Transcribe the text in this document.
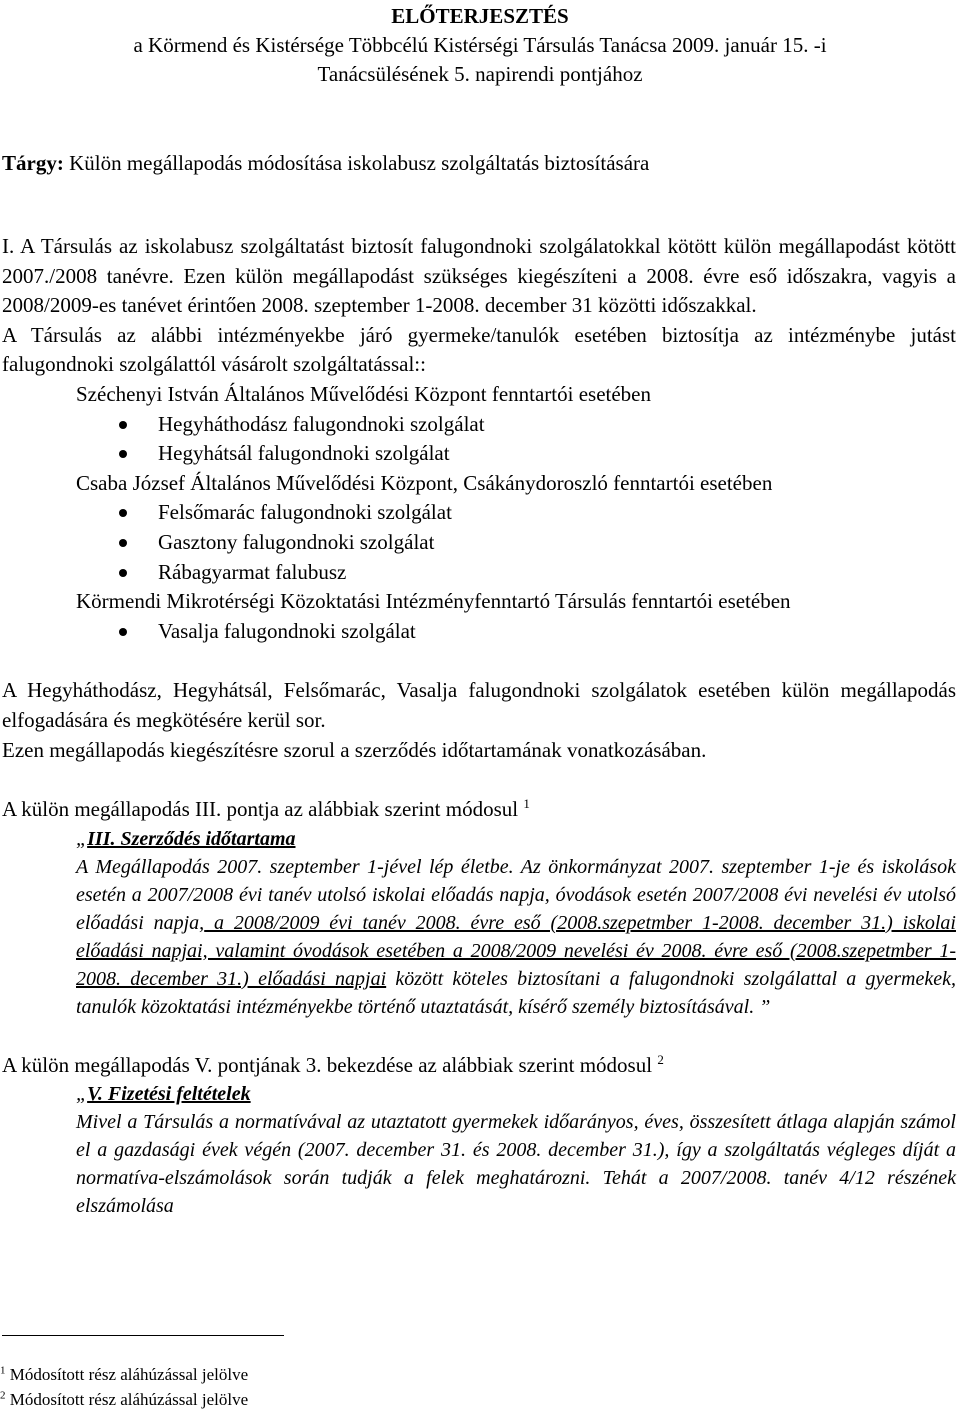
ELŐTERJESZTÉS
a Körmend és Kistérsége Többcélú Kistérségi Társulás Tanácsa 2009. január 15. -i
Tanácsülésének 5. napirendi pontjához
Tárgy: Külön megállapodás módosítása iskolabusz szolgáltatás biztosítására
I. A Társulás az iskolabusz szolgáltatást biztosít falugondnoki szolgálatokkal kötött külön megállapodást kötött 2007./2008 tanévre. Ezen külön megállapodást szükséges kiegészíteni a 2008. évre eső időszakra, vagyis a 2008/2009-es tanévet érintően 2008. szeptember 1-2008. december 31 közötti időszakkal.
A Társulás az alábbi intézményekbe járó gyermeke/tanulók esetében biztosítja az intézménybe jutást falugondnoki szolgálattól vásárolt szolgáltatással::
Széchenyi István Általános Művelődési Központ fenntartói esetében
Hegyháthodász falugondnoki szolgálat
Hegyhátsál falugondnoki szolgálat
Csaba József Általános Művelődési Központ, Csákánydoroszló fenntartói esetében
Felsőmarác falugondnoki szolgálat
Gasztony falugondnoki szolgálat
Rábagyarmat falubusz
Körmendi Mikrotérségi Közoktatási Intézményfenntartó Társulás fenntartói esetében
Vasalja falugondnoki szolgálat
A Hegyháthodász, Hegyhátsál, Felsőmarác, Vasalja falugondnoki szolgálatok esetében külön megállapodás elfogadására és megkötésére kerül sor.
Ezen megállapodás kiegészítésre szorul a szerződés időtartamának vonatkozásában.
A külön megállapodás III. pontja az alábbiak szerint módosul $^1$
„III. Szerződés időtartama
A Megállapodás 2007. szeptember 1-jével lép életbe. Az önkormányzat 2007. szeptember 1-je és iskolások esetén a 2007/2008 évi tanév utolsó iskolai előadás napja, óvodások esetén 2007/2008 évi nevelési év utolsó előadási napja, a 2008/2009 évi tanév 2008. évre eső (2008.szepetmber 1-2008. december 31.) iskolai előadási napjai, valamint óvodások esetében a 2008/2009 nevelési év 2008. évre eső (2008.szepetmber 1-2008. december 31.) előadási napjai között köteles biztosítani a falugondnoki szolgálattal a gyermekek, tanulók közoktatási intézményekbe történő utaztatását, kísérő személy biztosításával. ”
A külön megállapodás V. pontjának 3. bekezdése az alábbiak szerint módosul $^2$
„V. Fizetési feltételek
Mivel a Társulás a normatívával az utaztatott gyermekek időarányos, éves, összesített átlaga alapján számol el a gazdasági évek végén (2007. december 31. és 2008. december 31.), így a szolgáltatás végleges díját a normatíva-elszámolások során tudják a felek meghatározni. Tehát a 2007/2008. tanév 4/12 részének elszámolása
$^1$ Módosított rész aláhúzással jelölve
$^2$ Módosított rész aláhúzással jelölve
